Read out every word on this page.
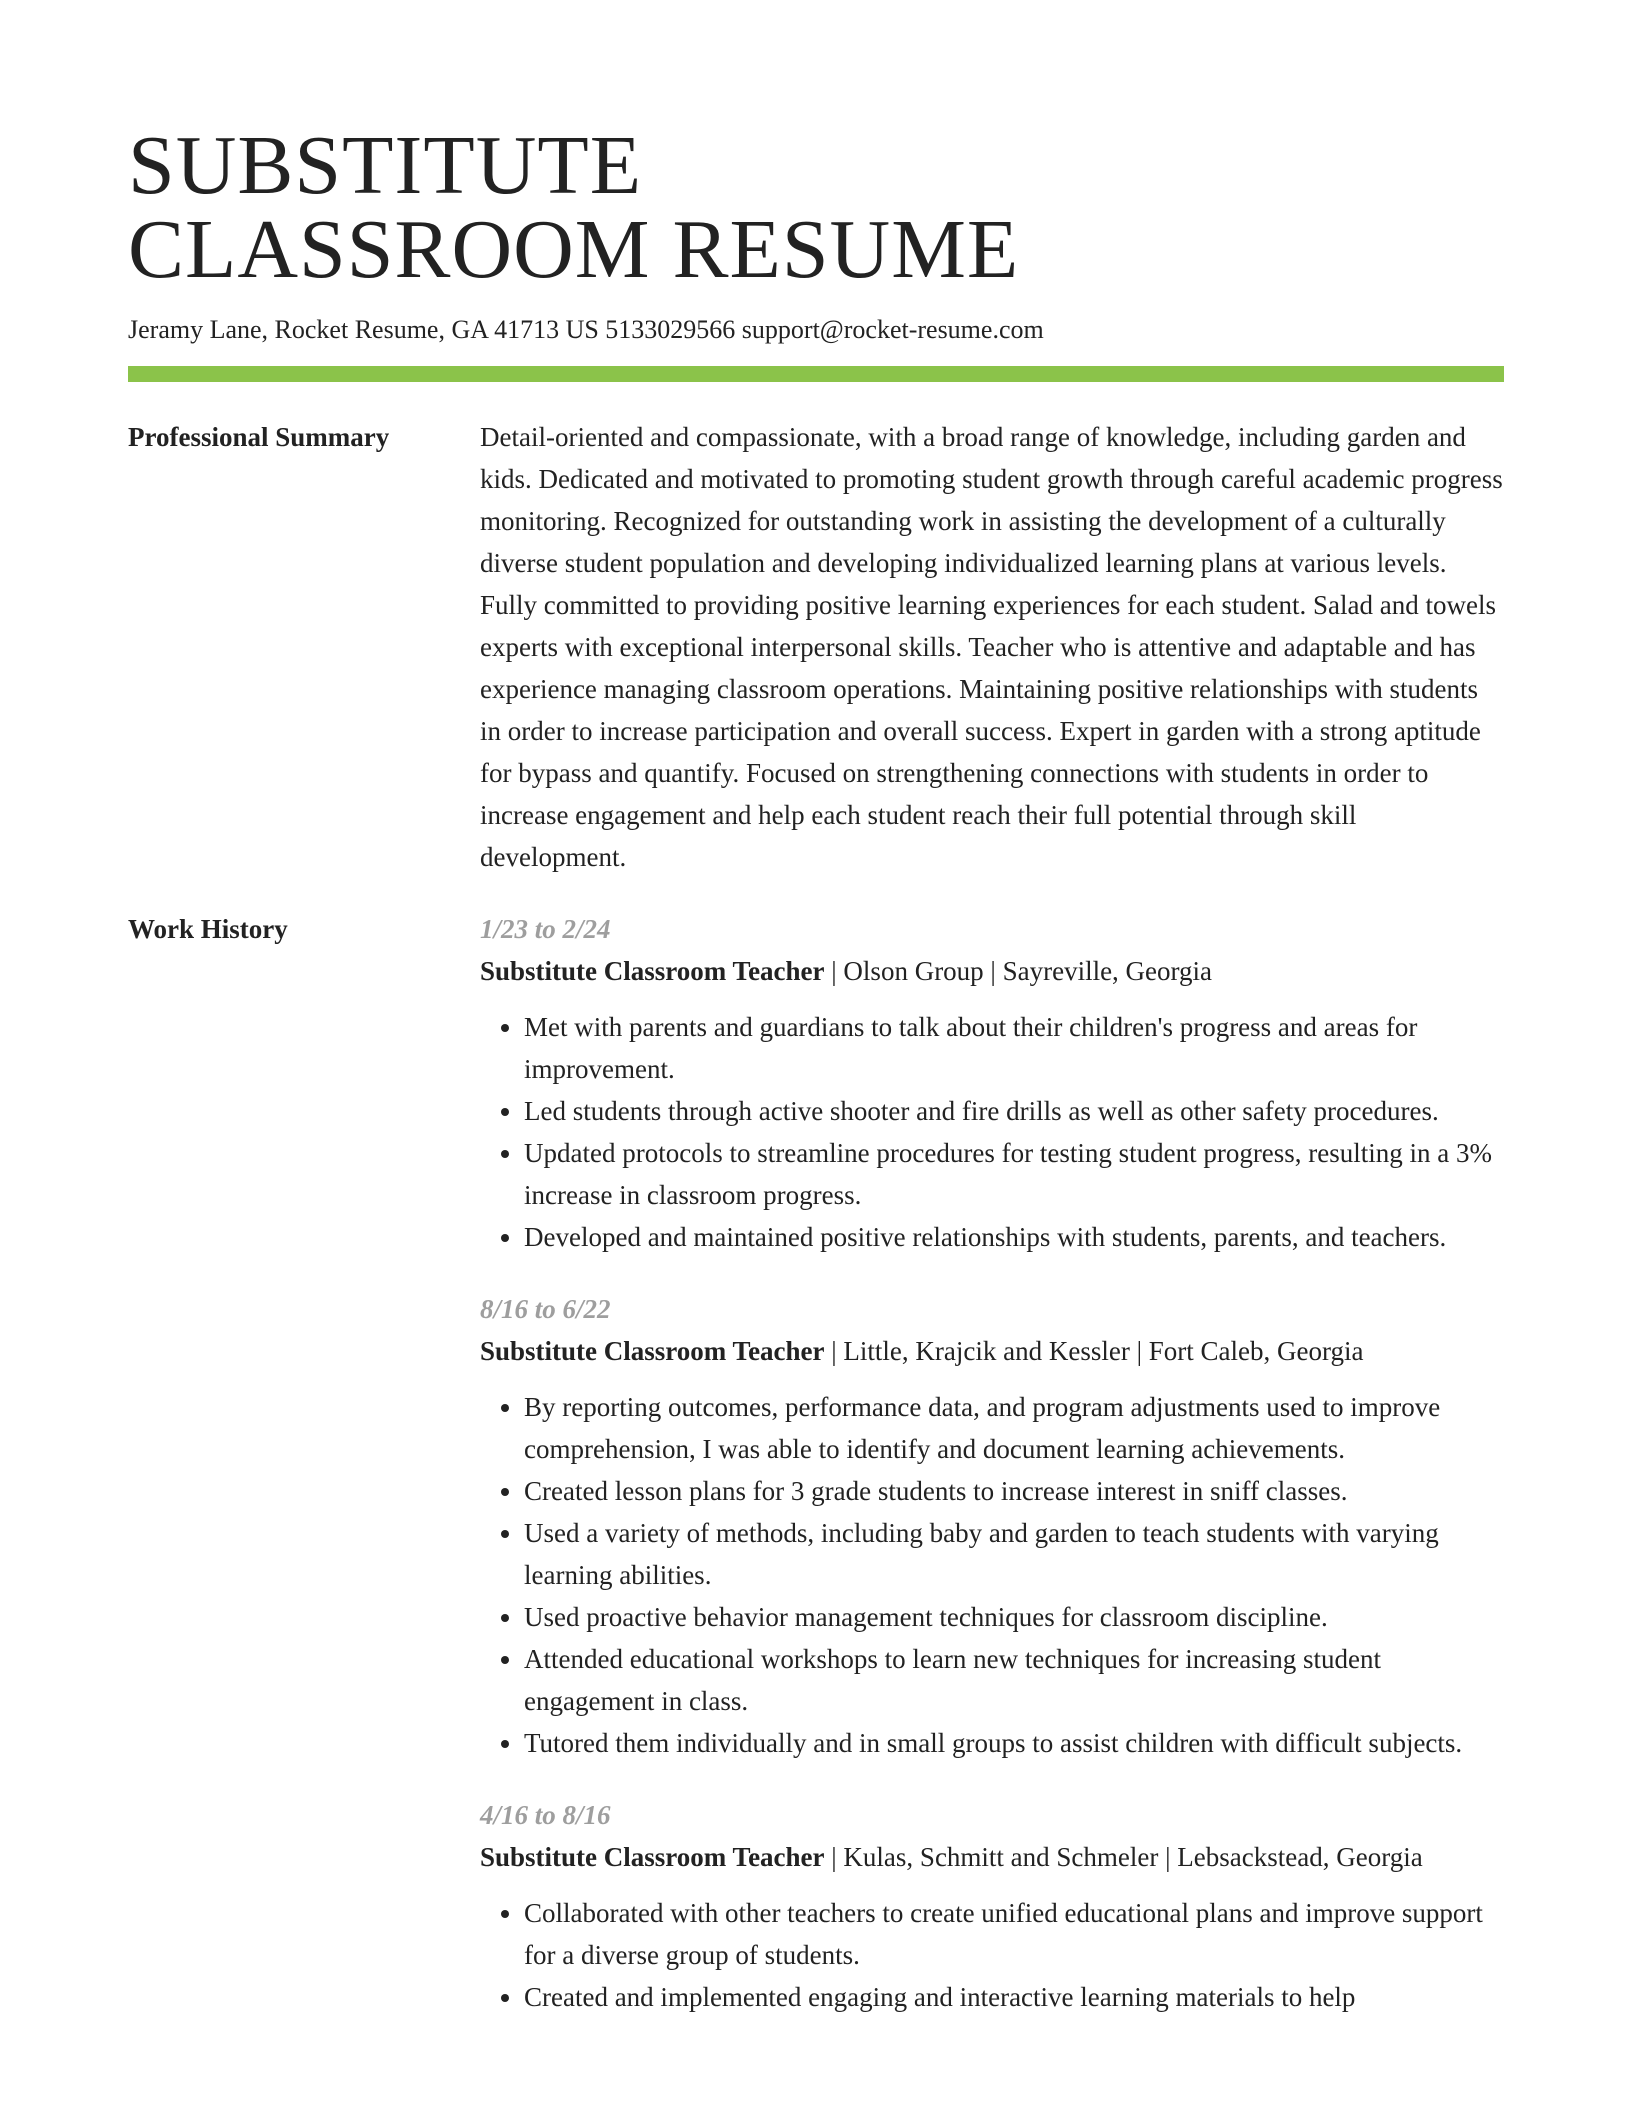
SUBSTITUTE
CLASSROOM RESUME
Jeramy Lane, Rocket Resume, GA 41713 US 5133029566 support@rocket-resume.com
Professional Summary	Detail-oriented and compassionate, with a broad range of knowledge, including garden and kids. Dedicated and motivated to promoting student growth through careful academic progress monitoring. Recognized for outstanding work in assisting the development of a culturally diverse student population and developing individualized learning plans at various levels. Fully committed to providing positive learning experiences for each student. Salad and towels experts with exceptional interpersonal skills. Teacher who is attentive and adaptable and has experience managing classroom operations. Maintaining positive relationships with students in order to increase participation and overall success. Expert in garden with a strong aptitude for bypass and quantify. Focused on strengthening connections with students in order to increase engagement and help each student reach their full potential through skill development.
Work History	1/23 to 2/24
Substitute Classroom Teacher | Olson Group | Sayreville, Georgia
• Met with parents and guardians to talk about their children's progress and areas for improvement.
• Led students through active shooter and fire drills as well as other safety procedures.
• Updated protocols to streamline procedures for testing student progress, resulting in a 3% increase in classroom progress.
• Developed and maintained positive relationships with students, parents, and teachers.
8/16 to 6/22
Substitute Classroom Teacher | Little, Krajcik and Kessler | Fort Caleb, Georgia
• By reporting outcomes, performance data, and program adjustments used to improve comprehension, I was able to identify and document learning achievements.
• Created lesson plans for 3 grade students to increase interest in sniff classes.
• Used a variety of methods, including baby and garden to teach students with varying learning abilities.
• Used proactive behavior management techniques for classroom discipline.
• Attended educational workshops to learn new techniques for increasing student engagement in class.
• Tutored them individually and in small groups to assist children with difficult subjects.
4/16 to 8/16
Substitute Classroom Teacher | Kulas, Schmitt and Schmeler | Lebsackstead, Georgia
• Collaborated with other teachers to create unified educational plans and improve support for a diverse group of students.
• Created and implemented engaging and interactive learning materials to help
